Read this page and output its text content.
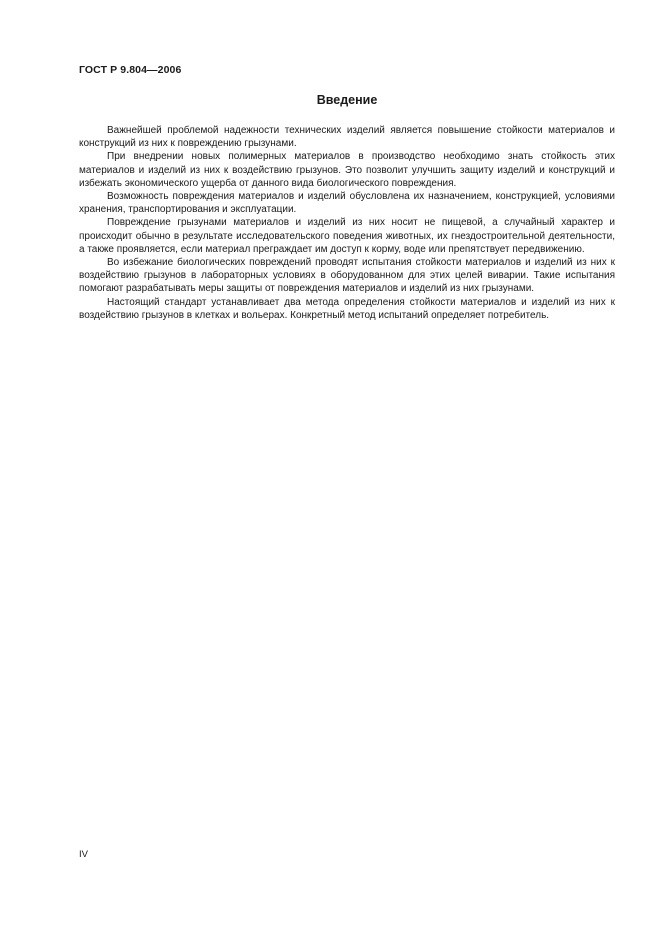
ГОСТ Р 9.804—2006
Введение

Важнейшей проблемой надежности технических изделий является повышение стойкости материалов и конструкций из них к повреждению грызунами.

При внедрении новых полимерных материалов в производство необходимо знать стойкость этих материалов и изделий из них к воздействию грызунов. Это позволит улучшить защиту изделий и конструкций и избежать экономического ущерба от данного вида биологического повреждения.

Возможность повреждения материалов и изделий обусловлена их назначением, конструкцией, условиями хранения, транспортирования и эксплуатации.

Повреждение грызунами материалов и изделий из них носит не пищевой, а случайный характер и происходит обычно в результате исследовательского поведения животных, их гнездостроительной деятельности, а также проявляется, если материал преграждает им доступ к корму, воде или препятствует передвижению.

Во избежание биологических повреждений проводят испытания стойкости материалов и изделий из них к воздействию грызунов в лабораторных условиях в оборудованном для этих целей виварии. Такие испытания помогают разрабатывать меры защиты от повреждения материалов и изделий из них грызунами.

Настоящий стандарт устанавливает два метода определения стойкости материалов и изделий из них к воздействию грызунов в клетках и вольерах. Конкретный метод испытаний определяет потребитель.

IV
